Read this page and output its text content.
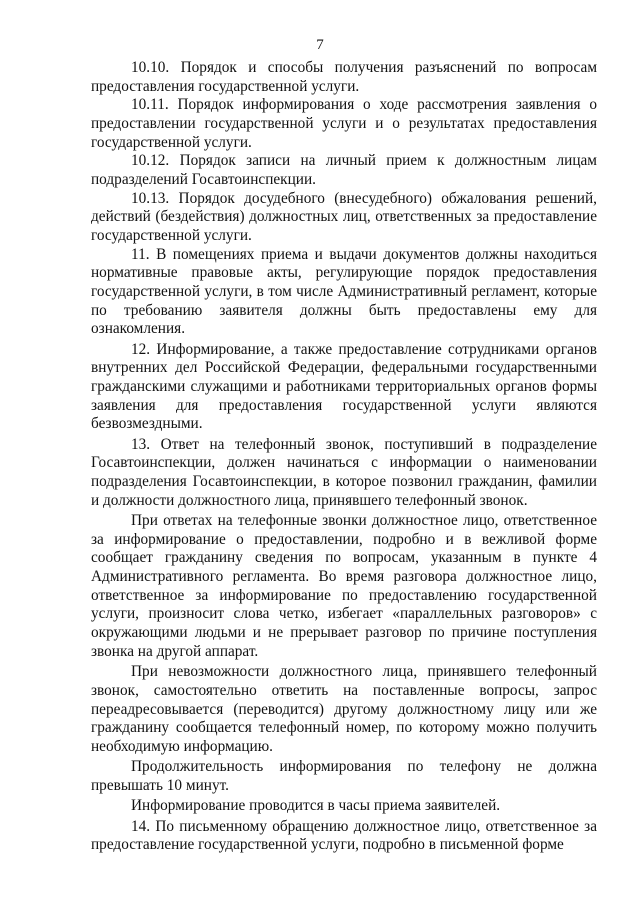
7

10.10. Порядок и способы получения разъяснений по вопросам предоставления государственной услуги.

10.11. Порядок информирования о ходе рассмотрения заявления о предоставлении государственной услуги и о результатах предоставления государственной услуги.

10.12. Порядок записи на личный прием к должностным лицам подразделений Госавтоинспекции.

10.13. Порядок досудебного (внесудебного) обжалования решений, действий (бездействия) должностных лиц, ответственных за предоставление государственной услуги.

11. В помещениях приема и выдачи документов должны находиться нормативные правовые акты, регулирующие порядок предоставления государственной услуги, в том числе Административный регламент, которые по требованию заявителя должны быть предоставлены ему для ознакомления.

12. Информирование, а также предоставление сотрудниками органов внутренних дел Российской Федерации, федеральными государственными гражданскими служащими и работниками территориальных органов формы заявления для предоставления государственной услуги являются безвозмездными.

13. Ответ на телефонный звонок, поступивший в подразделение Госавтоинспекции, должен начинаться с информации о наименовании подразделения Госавтоинспекции, в которое позвонил гражданин, фамилии и должности должностного лица, принявшего телефонный звонок.

При ответах на телефонные звонки должностное лицо, ответственное за информирование о предоставлении, подробно и в вежливой форме сообщает гражданину сведения по вопросам, указанным в пункте 4 Административного регламента. Во время разговора должностное лицо, ответственное за информирование по предоставлению государственной услуги, произносит слова четко, избегает «параллельных разговоров» с окружающими людьми и не прерывает разговор по причине поступления звонка на другой аппарат.

При невозможности должностного лица, принявшего телефонный звонок, самостоятельно ответить на поставленные вопросы, запрос переадресовывается (переводится) другому должностному лицу или же гражданину сообщается телефонный номер, по которому можно получить необходимую информацию.

Продолжительность информирования по телефону не должна превышать 10 минут.

Информирование проводится в часы приема заявителей.

14. По письменному обращению должностное лицо, ответственное за предоставление государственной услуги, подробно в письменной форме
